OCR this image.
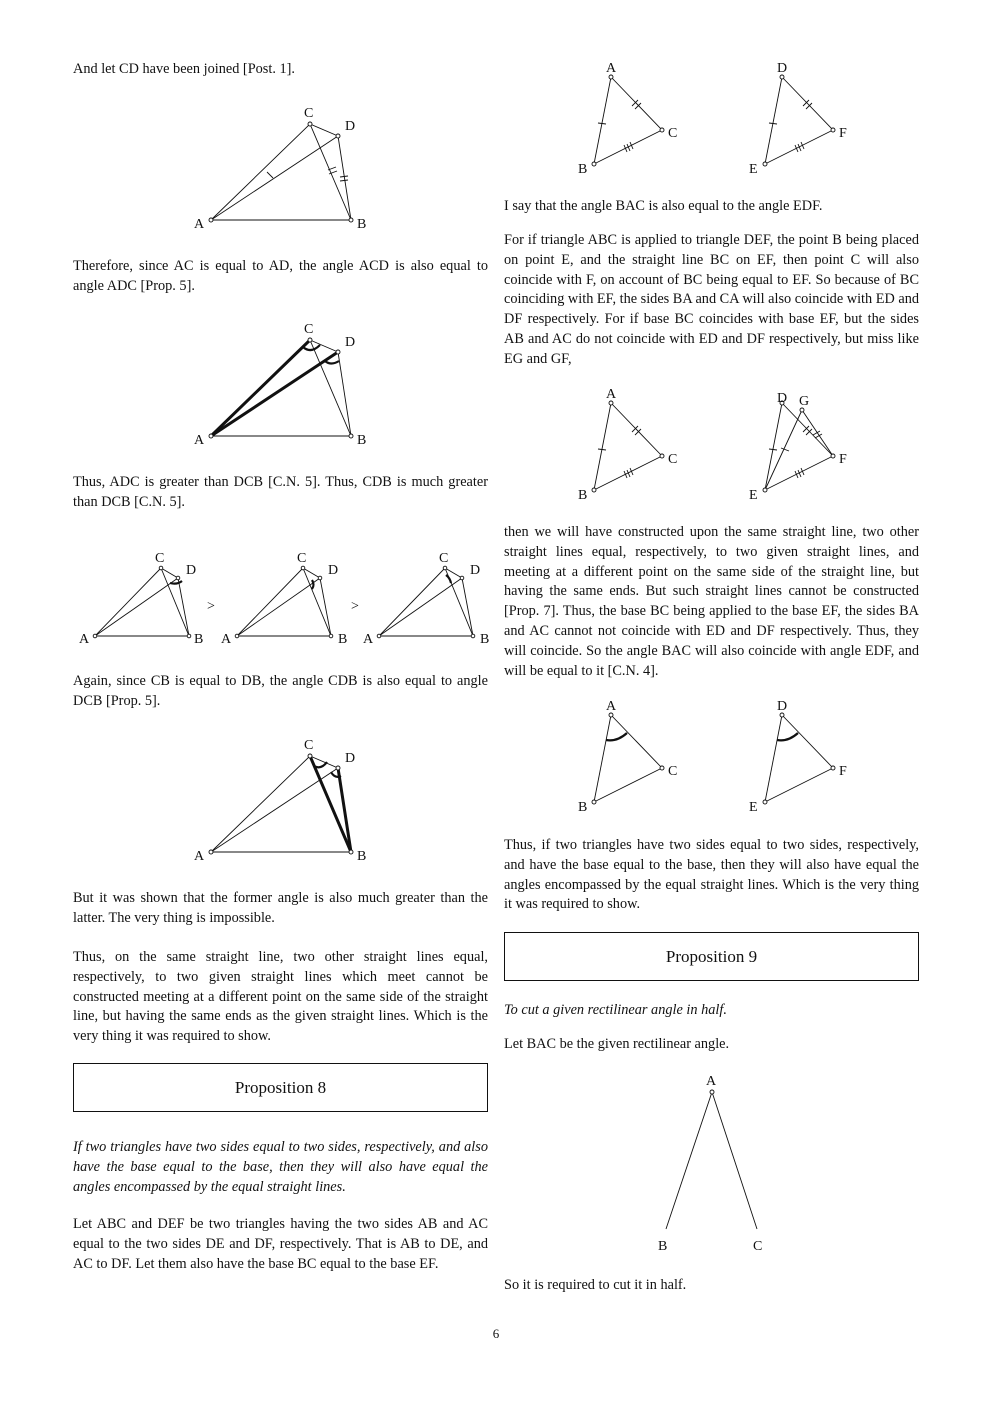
And let CD have been joined [Post. 1].

A	B
C
D

Therefore, since AC is equal to AD, the angle ACD is also equal to angle ADC [Prop. 5].

A	B
C
D

Thus, ADC is greater than DCB [C.N. 5]. Thus, CDB is much greater than DCB [C.N. 5].

A	B
C
D
>
A	B
C
D
>
A	B
C
D

Again, since CB is equal to DB, the angle CDB is also equal to angle DCB [Prop. 5].

A	B
C
D

But it was shown that the former angle is also much greater than the latter. The very thing is impossible.

Thus, on the same straight line, two other straight lines equal, respectively, to two given straight lines which meet cannot be constructed meeting at a different point on the same side of the straight line, but having the same ends as the given straight lines. Which is the very thing it was required to show.

Proposition 8

If two triangles have two sides equal to two sides, respectively, and also have the base equal to the base, then they will also have equal the angles encompassed by the equal straight lines.

Let ABC and DEF be two triangles having the two sides AB and AC equal to the two sides DE and DF, respectively. That is AB to DE, and AC to DF. Let them also have the base BC equal to the base EF.

A
B
C
D
E
F

I say that the angle BAC is also equal to the angle EDF.

For if triangle ABC is applied to triangle DEF, the point B being placed on point E, and the straight line BC on EF, then point C will also coincide with F, on account of BC being equal to EF. So because of BC coinciding with EF, the sides BA and CA will also coincide with ED and DF respectively. For if base BC coincides with base EF, but the sides AB and AC do not coincide with ED and DF respectively, but miss like EG and GF,

A
B
C
D G
E
F

then we will have constructed upon the same straight line, two other straight lines equal, respectively, to two given straight lines, and meeting at a different point on the same side of the straight line, but having the same ends. But such straight lines cannot be constructed [Prop. 7]. Thus, the base BC being applied to the base EF, the sides BA and AC cannot not coincide with ED and DF respectively. Thus, they will coincide. So the angle BAC will also coincide with angle EDF, and will be equal to it [C.N. 4].

A
B
C
D
E
F

Thus, if two triangles have two sides equal to two sides, respectively, and have the base equal to the base, then they will also have equal the angles encompassed by the equal straight lines. Which is the very thing it was required to show.

Proposition 9

To cut a given rectilinear angle in half.

Let BAC be the given rectilinear angle.

A
B	C

So it is required to cut it in half.

6
